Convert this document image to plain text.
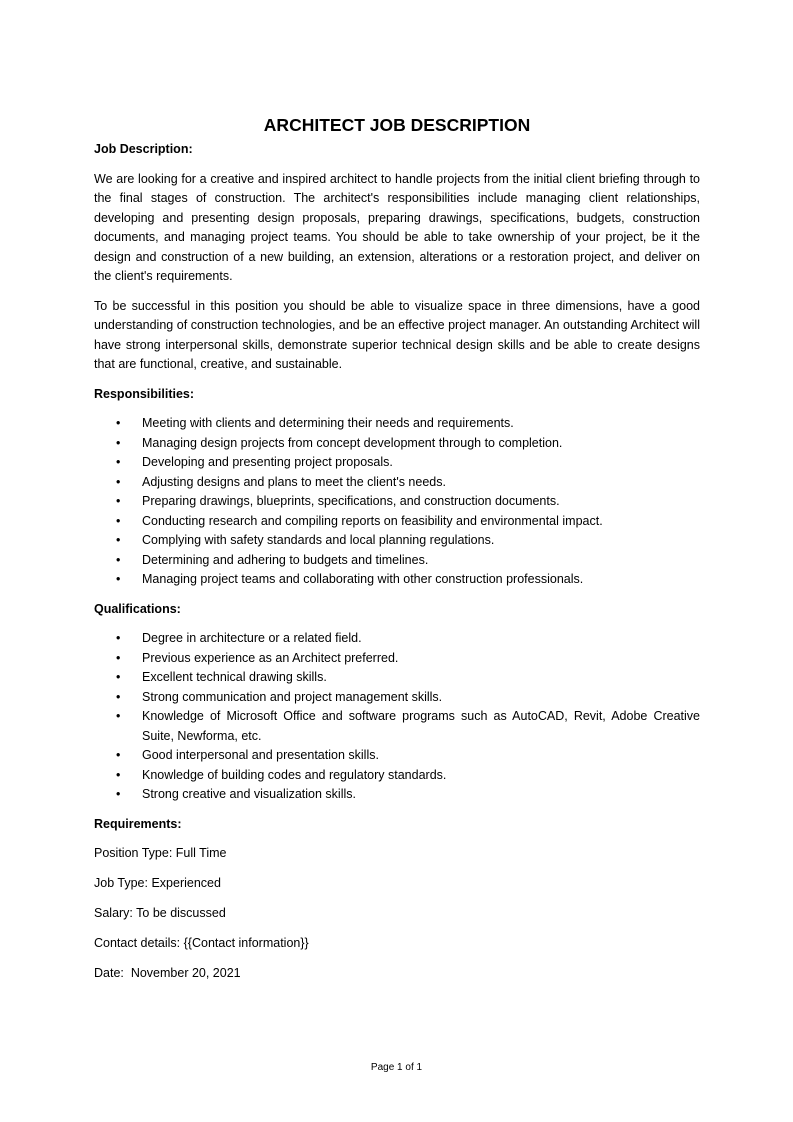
ARCHITECT JOB DESCRIPTION
Job Description:
We are looking for a creative and inspired architect to handle projects from the initial client briefing through to the final stages of construction. The architect's responsibilities include managing client relationships, developing and presenting design proposals, preparing drawings, specifications, budgets, construction documents, and managing project teams. You should be able to take ownership of your project, be it the design and construction of a new building, an extension, alterations or a restoration project, and deliver on the client's requirements.
To be successful in this position you should be able to visualize space in three dimensions, have a good understanding of construction technologies, and be an effective project manager. An outstanding Architect will have strong interpersonal skills, demonstrate superior technical design skills and be able to create designs that are functional, creative, and sustainable.
Responsibilities:
• Meeting with clients and determining their needs and requirements.
• Managing design projects from concept development through to completion.
• Developing and presenting project proposals.
• Adjusting designs and plans to meet the client's needs.
• Preparing drawings, blueprints, specifications, and construction documents.
• Conducting research and compiling reports on feasibility and environmental impact.
• Complying with safety standards and local planning regulations.
• Determining and adhering to budgets and timelines.
• Managing project teams and collaborating with other construction professionals.
Qualifications:
• Degree in architecture or a related field.
• Previous experience as an Architect preferred.
• Excellent technical drawing skills.
• Strong communication and project management skills.
• Knowledge of Microsoft Office and software programs such as AutoCAD, Revit, Adobe Creative Suite, Newforma, etc.
• Good interpersonal and presentation skills.
• Knowledge of building codes and regulatory standards.
• Strong creative and visualization skills.
Requirements:
Position Type: Full Time
Job Type: Experienced
Salary: To be discussed
Contact details: {{Contact information}}
Date:  November 20, 2021
Page 1 of 1
